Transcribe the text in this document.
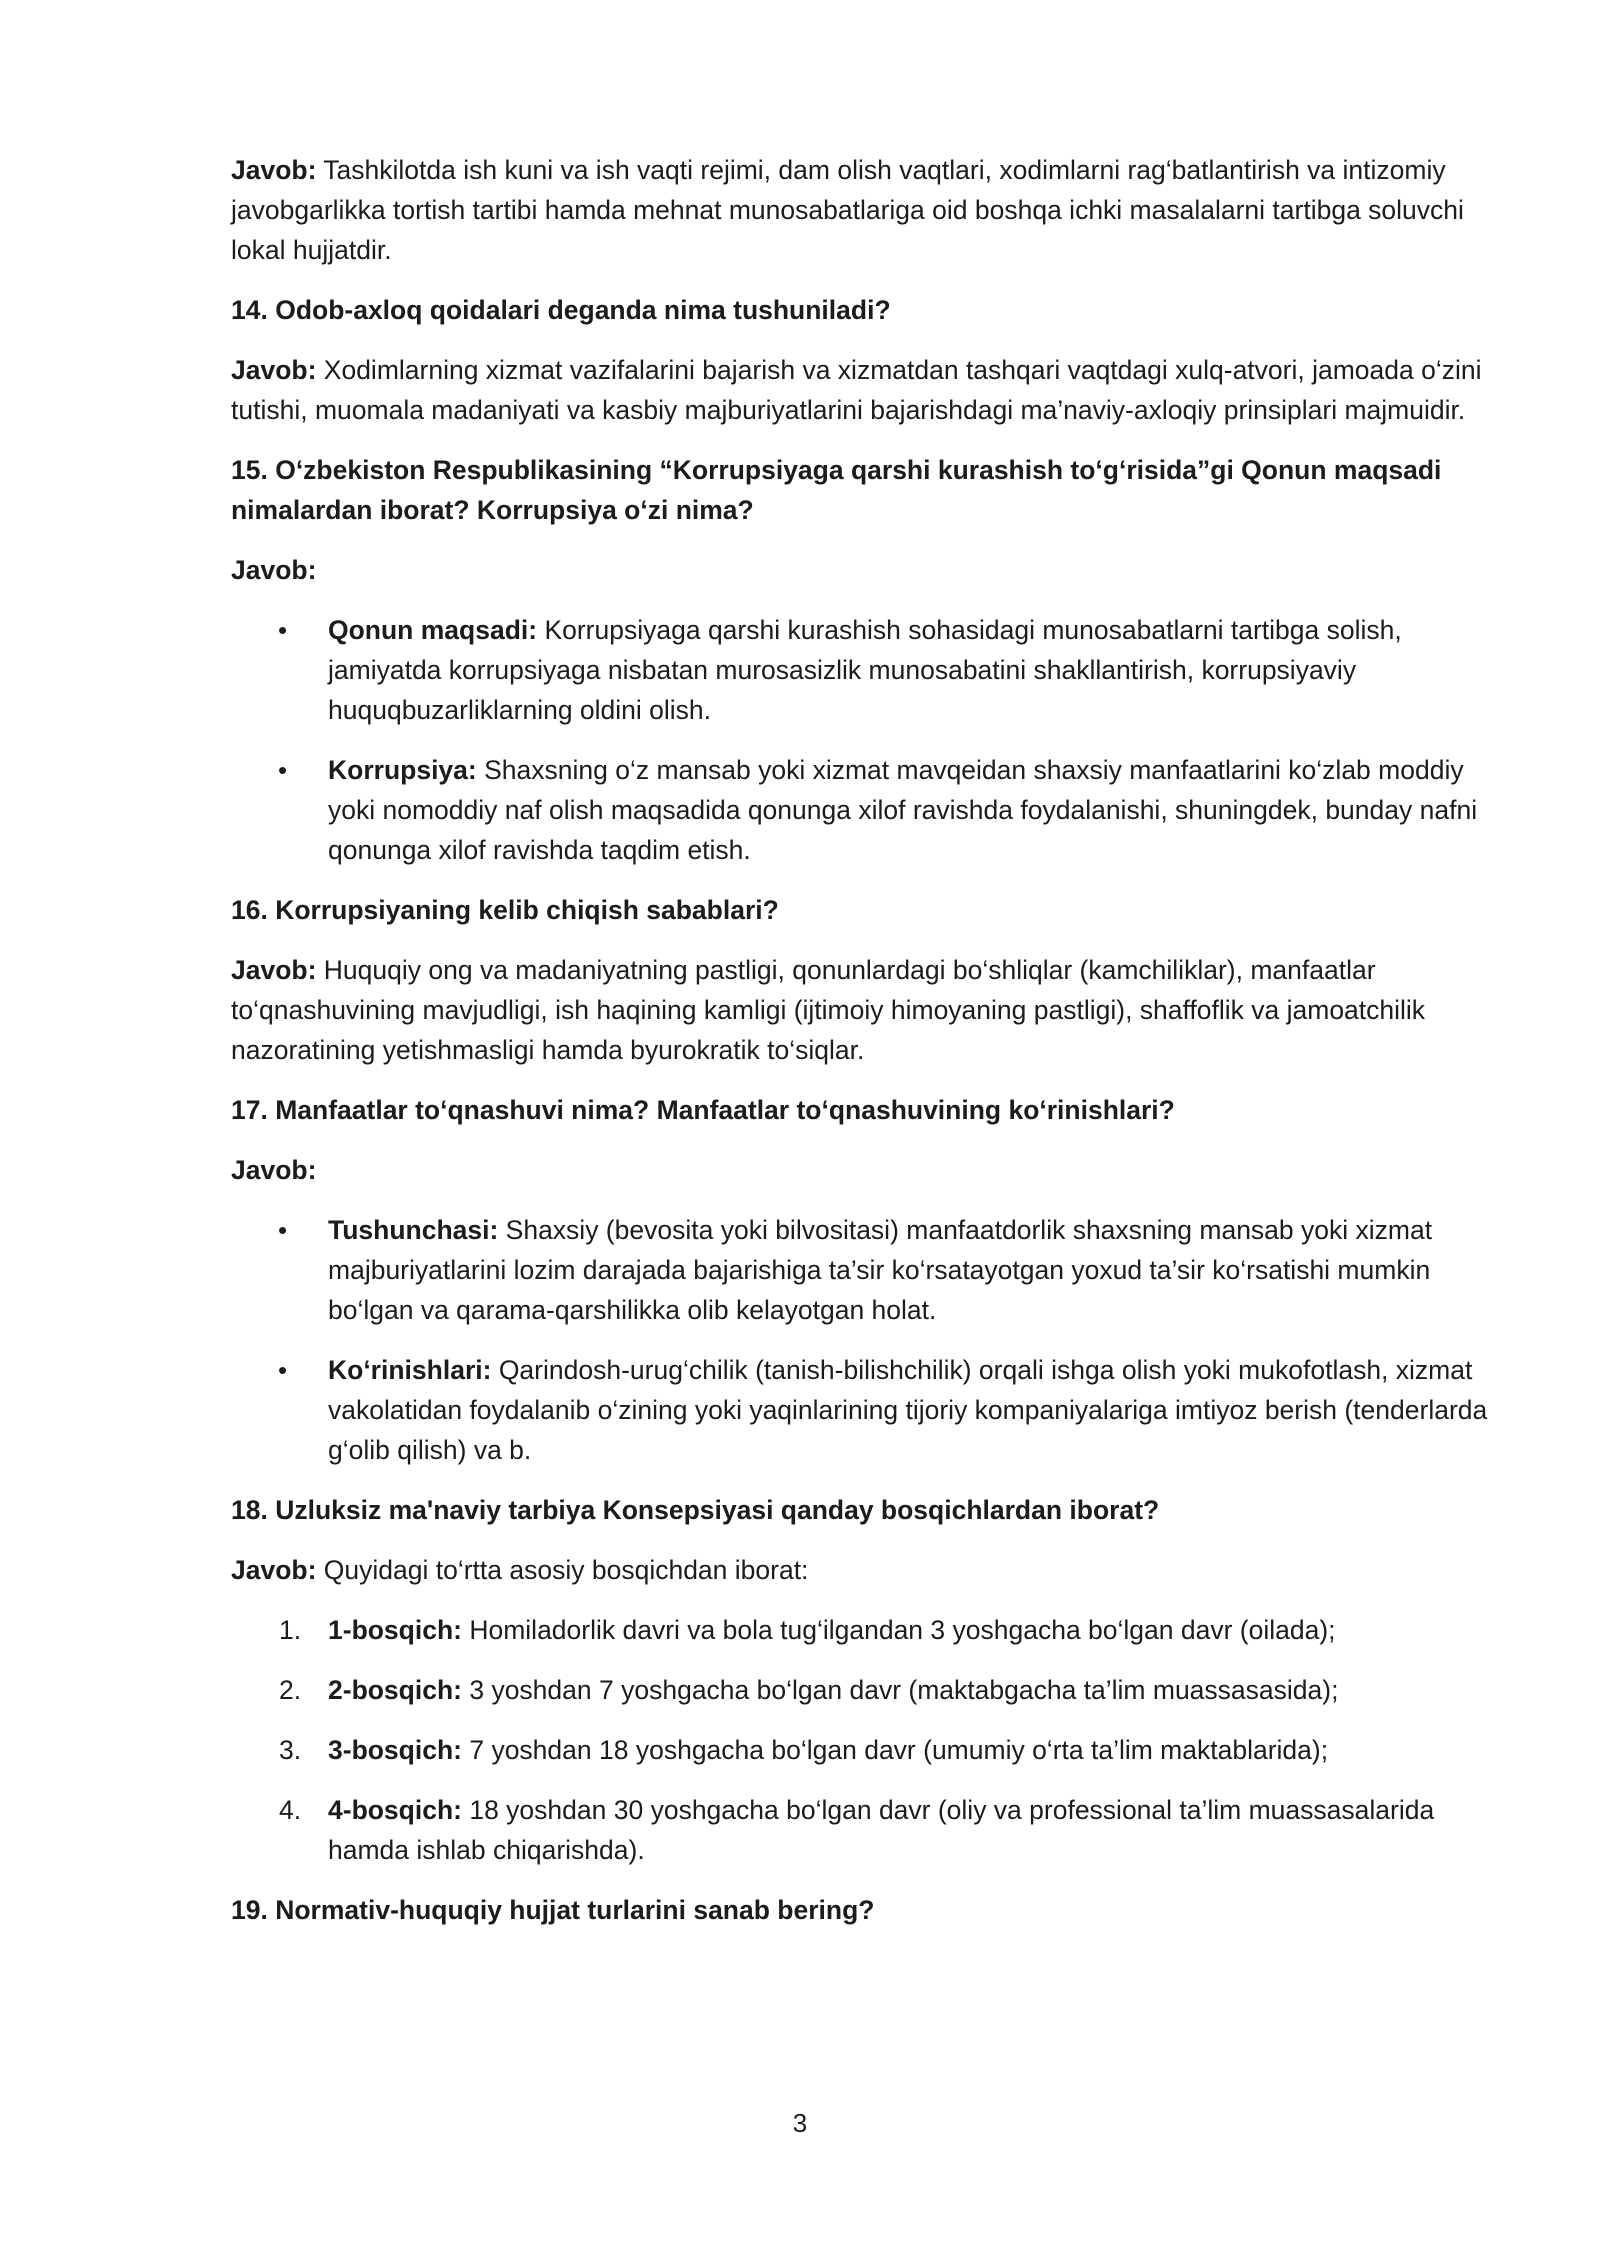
Javob: Tashkilotda ish kuni va ish vaqti rejimi, dam olish vaqtlari, xodimlarni rag‘batlantirish va intizomiy javobgarlikka tortish tartibi hamda mehnat munosabatlariga oid boshqa ichki masalalarni tartibga soluvchi lokal hujjatdir.

14. Odob-axloq qoidalari deganda nima tushuniladi?

Javob: Xodimlarning xizmat vazifalarini bajarish va xizmatdan tashqari vaqtdagi xulq-atvori, jamoada o‘zini tutishi, muomala madaniyati va kasbiy majburiyatlarini bajarishdagi ma’naviy-axloqiy prinsiplari majmuidir.

15. O‘zbekiston Respublikasining “Korrupsiyaga qarshi kurashish to‘g‘risida”gi Qonun maqsadi nimalardan iborat? Korrupsiya o‘zi nima?

Javob:

• Qonun maqsadi: Korrupsiyaga qarshi kurashish sohasidagi munosabatlarni tartibga solish, jamiyatda korrupsiyaga nisbatan murosasizlik munosabatini shakllantirish, korrupsiyaviy huquqbuzarliklarning oldini olish.
• Korrupsiya: Shaxsning o‘z mansab yoki xizmat mavqeidan shaxsiy manfaatlarini ko‘zlab moddiy yoki nomoddiy naf olish maqsadida qonunga xilof ravishda foydalanishi, shuningdek, bunday nafni qonunga xilof ravishda taqdim etish.

16. Korrupsiyaning kelib chiqish sabablari?

Javob: Huquqiy ong va madaniyatning pastligi, qonunlardagi bo‘shliqlar (kamchiliklar), manfaatlar to‘qnashuvining mavjudligi, ish haqining kamligi (ijtimoiy himoyaning pastligi), shaffoflik va jamoatchilik nazoratining yetishmasligi hamda byurokratik to‘siqlar.

17. Manfaatlar to‘qnashuvi nima? Manfaatlar to‘qnashuvining ko‘rinishlari?

Javob:

• Tushunchasi: Shaxsiy (bevosita yoki bilvositasi) manfaatdorlik shaxsning mansab yoki xizmat majburiyatlarini lozim darajada bajarishiga ta’sir ko‘rsatayotgan yoxud ta’sir ko‘rsatishi mumkin bo‘lgan va qarama-qarshilikka olib kelayotgan holat.
• Ko‘rinishlari: Qarindosh-urug‘chilik (tanish-bilishchilik) orqali ishga olish yoki mukofotlash, xizmat vakolatidan foydalanib o‘zining yoki yaqinlarining tijoriy kompaniyalariga imtiyoz berish (tenderlarda g‘olib qilish) va b.

18. Uzluksiz ma'naviy tarbiya Konsepsiyasi qanday bosqichlardan iborat?

Javob: Quyidagi to‘rtta asosiy bosqichdan iborat:

1. 1-bosqich: Homiladorlik davri va bola tug‘ilgandan 3 yoshgacha bo‘lgan davr (oilada);
2. 2-bosqich: 3 yoshdan 7 yoshgacha bo‘lgan davr (maktabgacha ta’lim muassasasida);
3. 3-bosqich: 7 yoshdan 18 yoshgacha bo‘lgan davr (umumiy o‘rta ta’lim maktablarida);
4. 4-bosqich: 18 yoshdan 30 yoshgacha bo‘lgan davr (oliy va professional ta’lim muassasalarida hamda ishlab chiqarishda).

19. Normativ-huquqiy hujjat turlarini sanab bering?

3
